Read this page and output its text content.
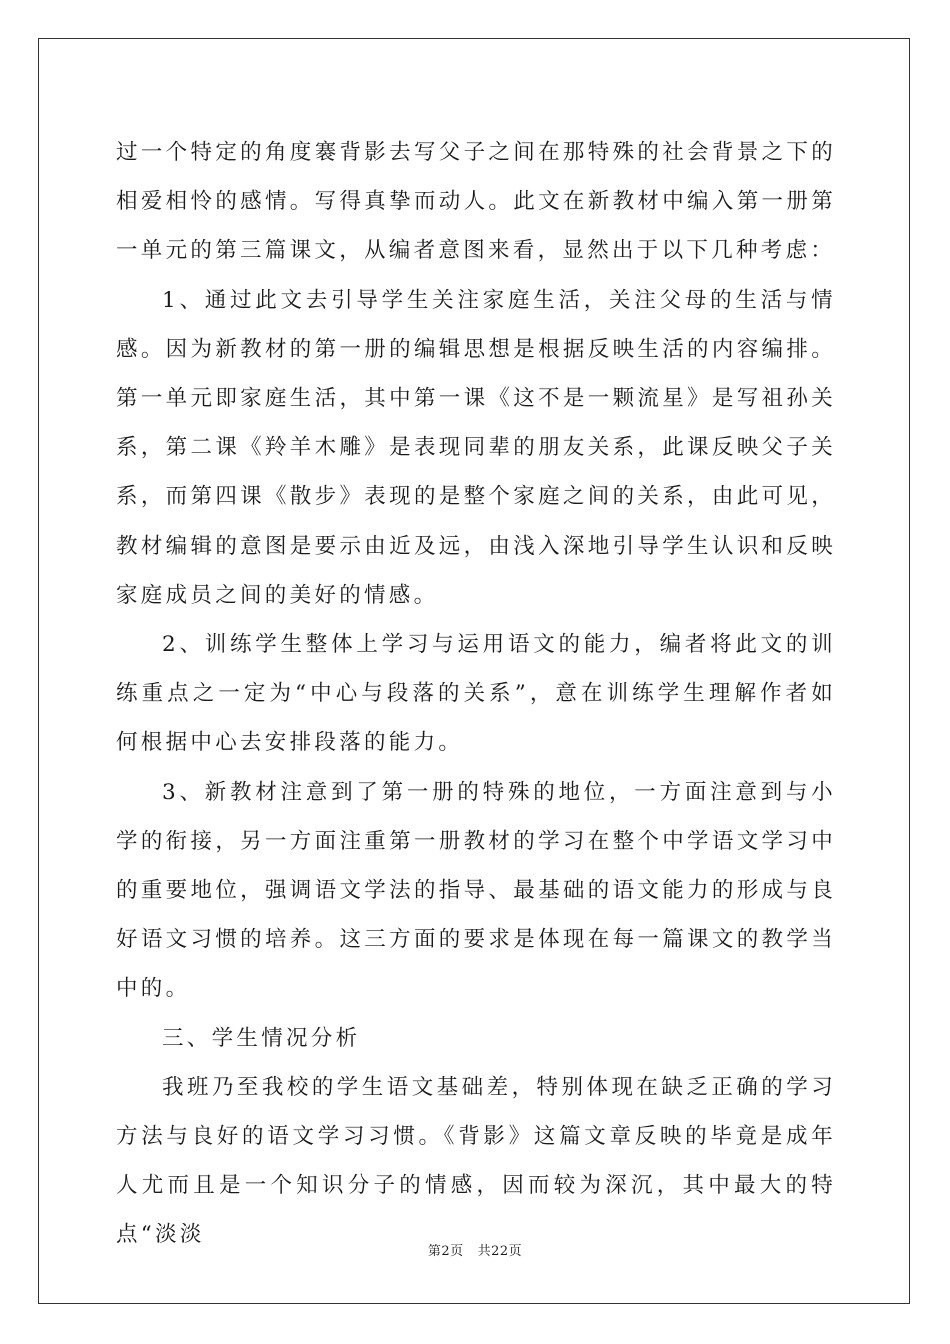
过一个特定的角度褰背影去写父子之间在那特殊的社会背景之下的相爱相怜的感情。写得真挚而动人。此文在新教材中编入第一册第一单元的第三篇课文，从编者意图来看，显然出于以下几种考虑：

1、通过此文去引导学生关注家庭生活，关注父母的生活与情感。因为新教材的第一册的编辑思想是根据反映生活的内容编排。第一单元即家庭生活，其中第一课《这不是一颗流星》是写祖孙关系，第二课《羚羊木雕》是表现同辈的朋友关系，此课反映父子关系，而第四课《散步》表现的是整个家庭之间的关系，由此可见，教材编辑的意图是要示由近及远，由浅入深地引导学生认识和反映家庭成员之间的美好的情感。

2、训练学生整体上学习与运用语文的能力，编者将此文的训练重点之一定为“中心与段落的关系”，意在训练学生理解作者如何根据中心去安排段落的能力。

3、新教材注意到了第一册的特殊的地位，一方面注意到与小学的衔接，另一方面注重第一册教材的学习在整个中学语文学习中的重要地位，强调语文学法的指导、最基础的语文能力的形成与良好语文习惯的培养。这三方面的要求是体现在每一篇课文的教学当中的。

三、学生情况分析

我班乃至我校的学生语文基础差，特别体现在缺乏正确的学习方法与良好的语文学习习惯。《背影》这篇文章反映的毕竟是成年人尤而且是一个知识分子的情感，因而较为深沉，其中最大的特点“淡淡

第2页 共22页
